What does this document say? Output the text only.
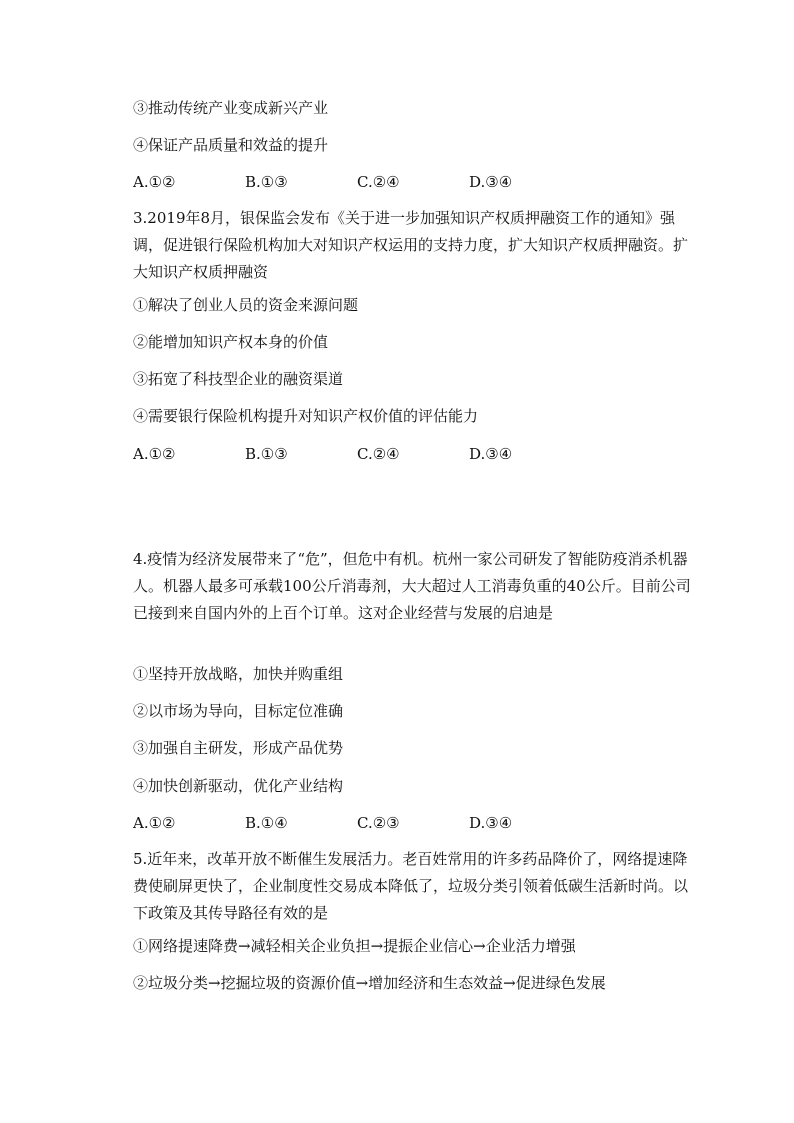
③推动传统产业变成新兴产业
④保证产品质量和效益的提升
A.①②	B.①③	C.②④	D.③④
3.2019年8月，银保监会发布《关于进一步加强知识产权质押融资工作的通知》强调，促进银行保险机构加大对知识产权运用的支持力度，扩大知识产权质押融资。扩大知识产权质押融资
①解决了创业人员的资金来源问题
②能增加知识产权本身的价值
③拓宽了科技型企业的融资渠道
④需要银行保险机构提升对知识产权价值的评估能力
A.①②	B.①③	C.②④	D.③④
4.疫情为经济发展带来了“危”，但危中有机。杭州一家公司研发了智能防疫消杀机器人。机器人最多可承载100公斤消毒剂，大大超过人工消毒负重的40公斤。目前公司已接到来自国内外的上百个订单。这对企业经营与发展的启迪是
①坚持开放战略，加快并购重组
②以市场为导向，目标定位准确
③加强自主研发，形成产品优势
④加快创新驱动，优化产业结构
A.①②	B.①④	C.②③	D.③④
5.近年来，改革开放不断催生发展活力。老百姓常用的许多药品降价了，网络提速降费使刷屏更快了，企业制度性交易成本降低了，垃圾分类引领着低碳生活新时尚。以下政策及其传导路径有效的是
①网络提速降费→减轻相关企业负担→提振企业信心→企业活力增强
②垃圾分类→挖掘垃圾的资源价值→增加经济和生态效益→促进绿色发展
